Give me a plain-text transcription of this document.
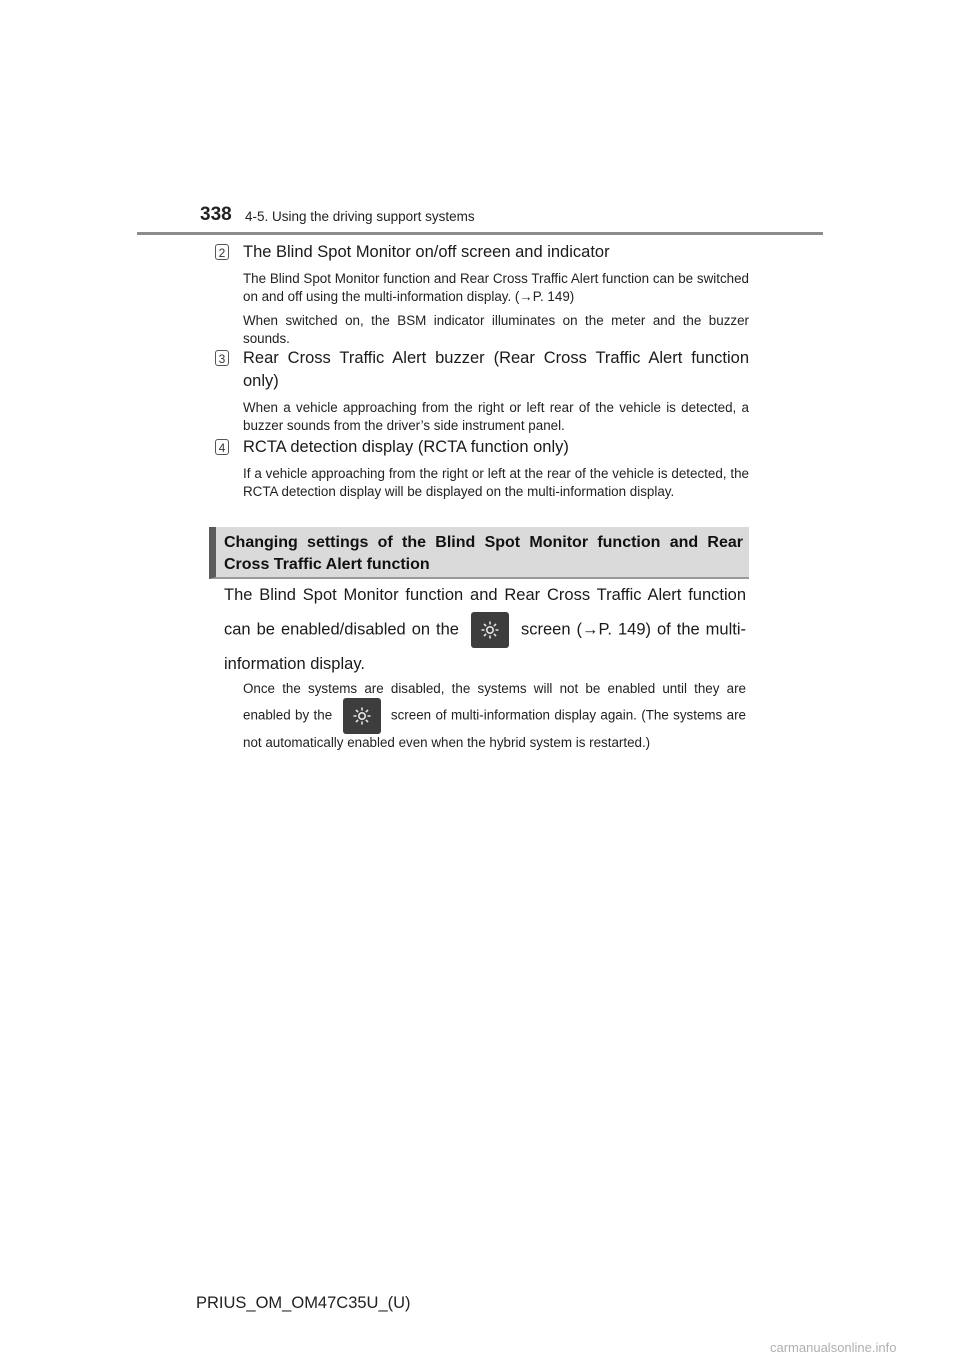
338 4-5. Using the driving support systems
2 The Blind Spot Monitor on/off screen and indicator

The Blind Spot Monitor function and Rear Cross Traffic Alert function can be switched on and off using the multi-information display. (→P. 149)

When switched on, the BSM indicator illuminates on the meter and the buzzer sounds.

3 Rear Cross Traffic Alert buzzer (Rear Cross Traffic Alert function only)

When a vehicle approaching from the right or left rear of the vehicle is detected, a buzzer sounds from the driver’s side instrument panel.

4 RCTA detection display (RCTA function only)

If a vehicle approaching from the right or left at the rear of the vehicle is detected, the RCTA detection display will be displayed on the multi-information display.

Changing settings of the Blind Spot Monitor function and Rear Cross Traffic Alert function
The Blind Spot Monitor function and Rear Cross Traffic Alert function can be enabled/disabled on the	screen (→P. 149) of the multi-information display.
Once the systems are disabled, the systems will not be enabled until they are enabled by the	screen of multi-information display again. (The systems are not automatically enabled even when the hybrid system is restarted.)
PRIUS_OM_OM47C35U_(U)
carmanualsonline.info
